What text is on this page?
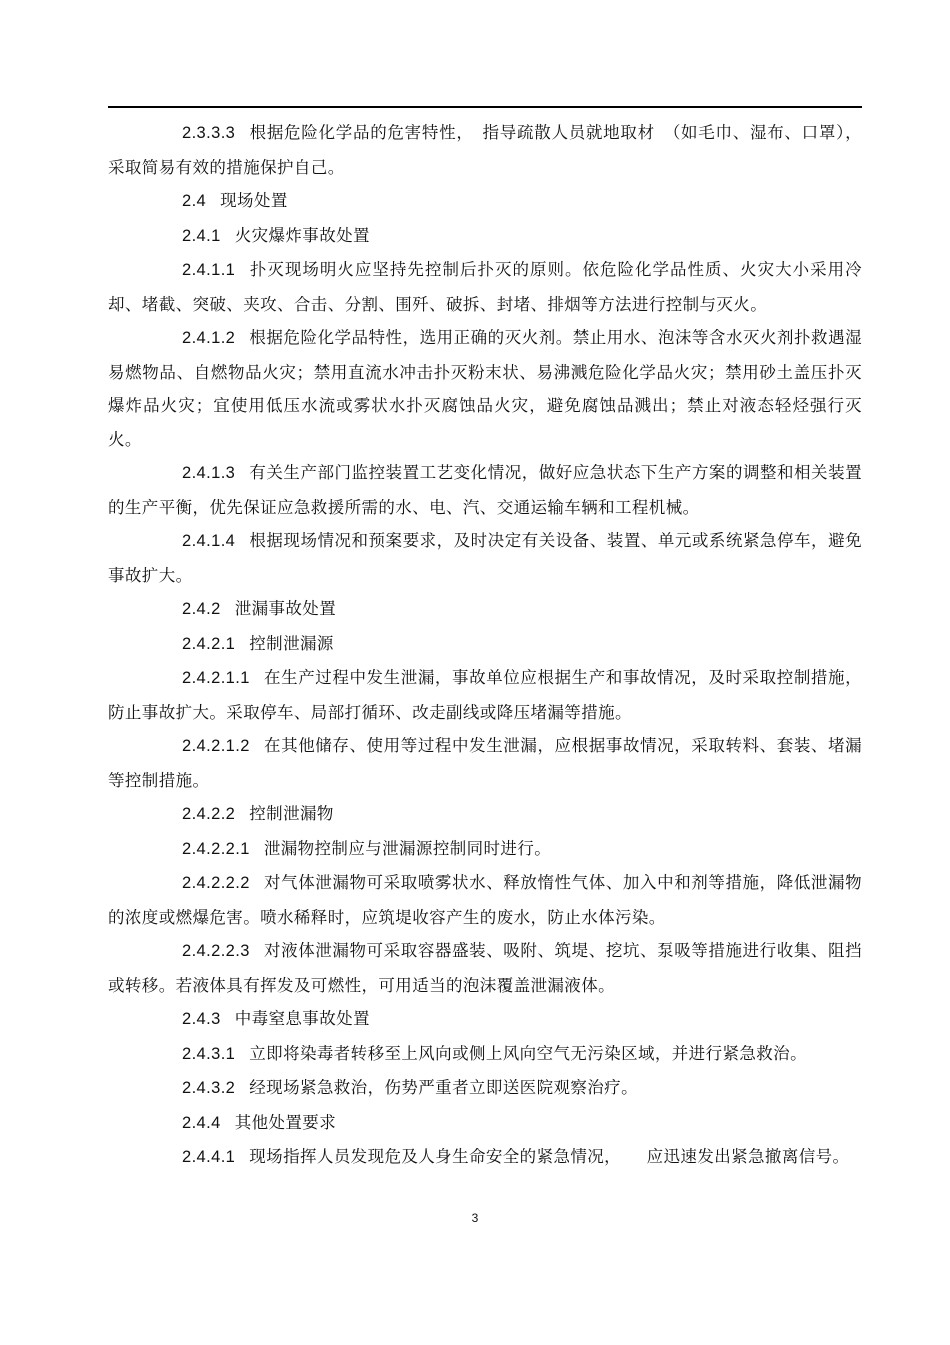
2.3.3.3 根据危险化学品的危害特性，　指导疏散人员就地取材　（如毛巾、湿布、口罩），采取简易有效的措施保护自己。

2.4 现场处置

2.4.1 火灾爆炸事故处置

2.4.1.1 扑灭现场明火应坚持先控制后扑灭的原则。依危险化学品性质、火灾大小采用冷却、堵截、突破、夹攻、合击、分割、围歼、破拆、封堵、排烟等方法进行控制与灭火。

2.4.1.2 根据危险化学品特性，选用正确的灭火剂。禁止用水、泡沫等含水灭火剂扑救遇湿易燃物品、自燃物品火灾；禁用直流水冲击扑灭粉末状、易沸溅危险化学品火灾；禁用砂土盖压扑灭爆炸品火灾；宜使用低压水流或雾状水扑灭腐蚀品火灾，避免腐蚀品溅出；禁止对液态轻烃强行灭火。

2.4.1.3 有关生产部门监控装置工艺变化情况，做好应急状态下生产方案的调整和相关装置的生产平衡，优先保证应急救援所需的水、电、汽、交通运输车辆和工程机械。

2.4.1.4 根据现场情况和预案要求，及时决定有关设备、装置、单元或系统紧急停车，避免事故扩大。

2.4.2 泄漏事故处置

2.4.2.1 控制泄漏源

2.4.2.1.1 在生产过程中发生泄漏，事故单位应根据生产和事故情况，及时采取控制措施，防止事故扩大。采取停车、局部打循环、改走副线或降压堵漏等措施。

2.4.2.1.2 在其他储存、使用等过程中发生泄漏，应根据事故情况，采取转料、套装、堵漏等控制措施。

2.4.2.2 控制泄漏物

2.4.2.2.1 泄漏物控制应与泄漏源控制同时进行。

2.4.2.2.2 对气体泄漏物可采取喷雾状水、释放惰性气体、加入中和剂等措施，降低泄漏物的浓度或燃爆危害。喷水稀释时，应筑堤收容产生的废水，防止水体污染。

2.4.2.2.3 对液体泄漏物可采取容器盛装、吸附、筑堤、挖坑、泵吸等措施进行收集、阻挡或转移。若液体具有挥发及可燃性，可用适当的泡沫覆盖泄漏液体。

2.4.3 中毒窒息事故处置

2.4.3.1 立即将染毒者转移至上风向或侧上风向空气无污染区域，并进行紧急救治。

2.4.3.2 经现场紧急救治，伤势严重者立即送医院观察治疗。

2.4.4 其他处置要求

2.4.4.1 现场指挥人员发现危及人身生命安全的紧急情况，　　应迅速发出紧急撤离信号。

3
